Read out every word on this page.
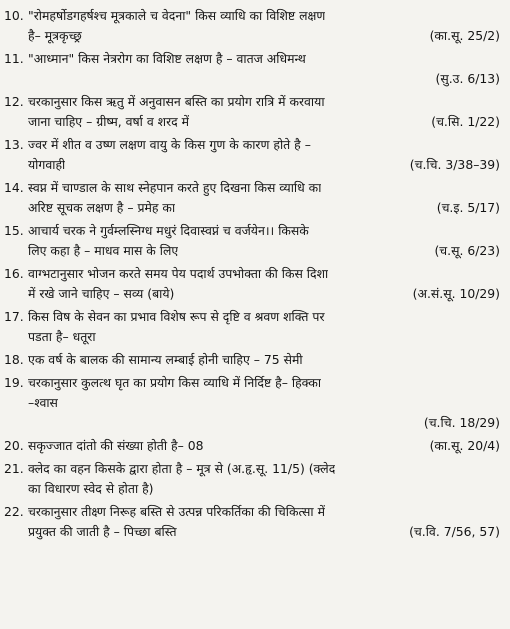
10. "रोमहर्षोडगहर्षश्च मूत्रकाले च वेदना" किस व्याधि का विशिष्ट लक्षण
है– मूत्रकृच्छ्र	(का.सू. 25/2)
11. "आध्मान" किस नेत्ररोग का विशिष्ट लक्षण है – वातज अधिमन्थ
(सु.उ. 6/13)
12. चरकानुसार किस ऋतु में अनुवासन बस्ति का प्रयोग रात्रि में करवाया
जाना चाहिए – ग्रीष्म, वर्षा व शरद में	(च.सि. 1/22)
13. ज्वर में शीत व उष्ण लक्षण वायु के किस गुण के कारण होते है –
योगवाही	(च.चि. 3/38–39)
14. स्वप्न में चाण्डाल के साथ स्नेहपान करते हुए दिखना किस व्याधि का
अरिष्ट सूचक लक्षण है – प्रमेह का	(च.इ. 5/17)
15. आचार्य चरक ने गुर्वम्लस्निग्ध मधुरं दिवास्वप्नं च वर्जयेन।। किसके
लिए कहा है – माधव मास के लिए	(च.सू. 6/23)
16. वाग्भटानुसार भोजन करते समय पेय पदार्थ उपभोक्ता की किस दिशा
में रखे जाने चाहिए – सव्य (बाये)	(अ.सं.सू. 10/29)
17. किस विष के सेवन का प्रभाव विशेष रूप से दृष्टि व श्रवण शक्ति पर
पडता है– धतूरा
18. एक वर्ष के बालक की सामान्य लम्बाई होनी चाहिए – 75 सेमी
19. चरकानुसार कुलत्थ घृत का प्रयोग किस व्याधि में निर्दिष्ट है– हिक्का
–श्वास
(च.चि. 18/29)
20. सकृज्जात दांतो की संख्या होती है– 08	(का.सू. 20/4)
21. क्लेद का वहन किसके द्वारा होता है – मूत्र से (अ.हृ.सू. 11/5) (क्लेद
का विधारण स्वेद से होता है)
22. चरकानुसार तीक्ष्ण निरूह बस्ति से उत्पन्न परिकर्तिका की चिकित्सा में
प्रयुक्त की जाती है – पिच्छा बस्ति	(च.वि. 7/56, 57)
